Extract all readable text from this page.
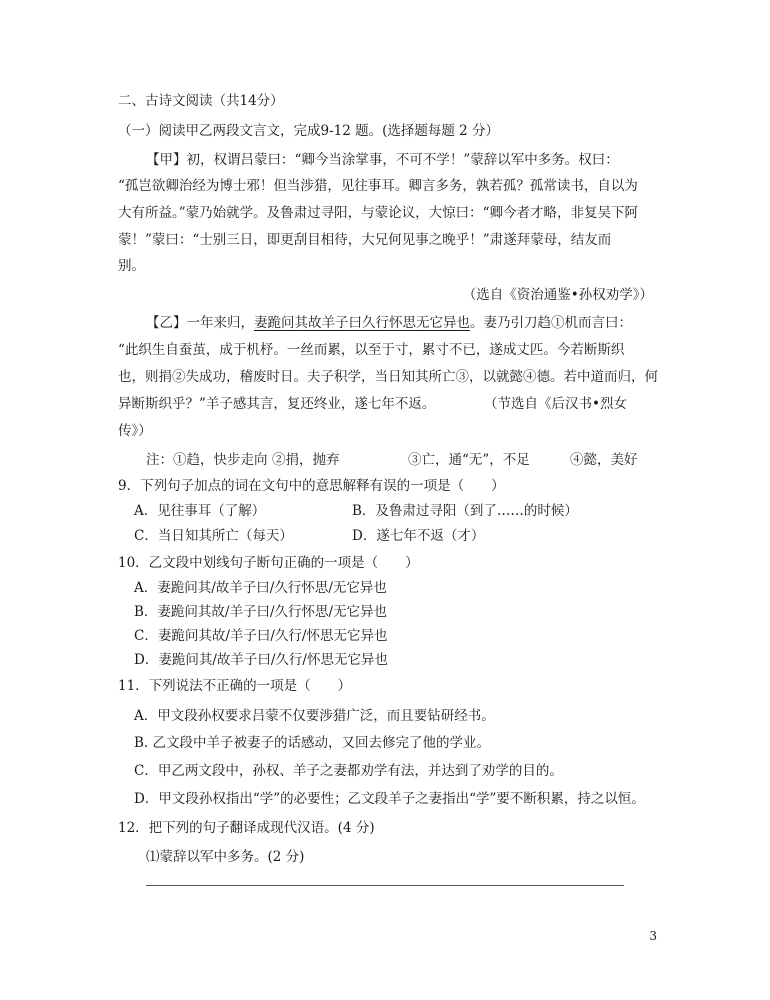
二、古诗文阅读（共14分）
（一）阅读甲乙两段文言文，完成9-12 题。(选择题每题 2 分）
【甲】初，权谓吕蒙曰：“卿今当涂掌事，不可不学！”蒙辞以军中多务。权曰：
“孤岂欲卿治经为博士邪！但当涉猎，见往事耳。卿言多务，孰若孤？孤常读书，自以为
大有所益。”蒙乃始就学。及鲁肃过寻阳，与蒙论议，大惊曰：“卿今者才略，非复吴下阿
蒙！”蒙曰：“士别三日，即更刮目相待，大兄何见事之晚乎！”肃遂拜蒙母，结友而
别。
（选自《资治通鉴•孙权劝学》）
【乙】一年来归，妻跪问其故羊子曰久行怀思无它异也。妻乃引刀趋①机而言曰：
“此织生自蚕茧，成于机杼。一丝而累，以至于寸，累寸不已，遂成丈匹。今若断斯织
也，则捐②失成功，稽废时日。夫子积学，当日知其所亡③，以就懿④德。若中道而归，何
异断斯织乎？”羊子感其言，复还终业，遂七年不返。	（节选自《后汉书•烈女
传》）
注：①趋，快步走向 ②捐，抛弃	③亡，通“无”，不足	④懿，美好
9．下列句子加点的词在文句中的意思解释有误的一项是（　　）
A．见往事耳（了解）	B．及鲁肃过寻阳（到了……的时候）
C．当日知其所亡（每天）	D．遂七年不返（才）
10．乙文段中划线句子断句正确的一项是（　　）
A．妻跪问其/故羊子曰/久行怀思/无它异也
B．妻跪问其故/羊子曰/久行怀思/无它异也
C．妻跪问其故/羊子曰/久行/怀思无它异也
D．妻跪问其/故羊子曰/久行/怀思无它异也
11．下列说法不正确的一项是（　　）
A．甲文段孙权要求吕蒙不仅要涉猎广泛，而且要钻研经书。
B. 乙文段中羊子被妻子的话感动，又回去修完了他的学业。
C．甲乙两文段中，孙权、羊子之妻都劝学有法，并达到了劝学的目的。
D．甲文段孙权指出“学”的必要性；乙文段羊子之妻指出“学”要不断积累，持之以恒。
12．把下列的句子翻译成现代汉语。(4 分)
⑴蒙辞以军中多务。(2 分)
3
